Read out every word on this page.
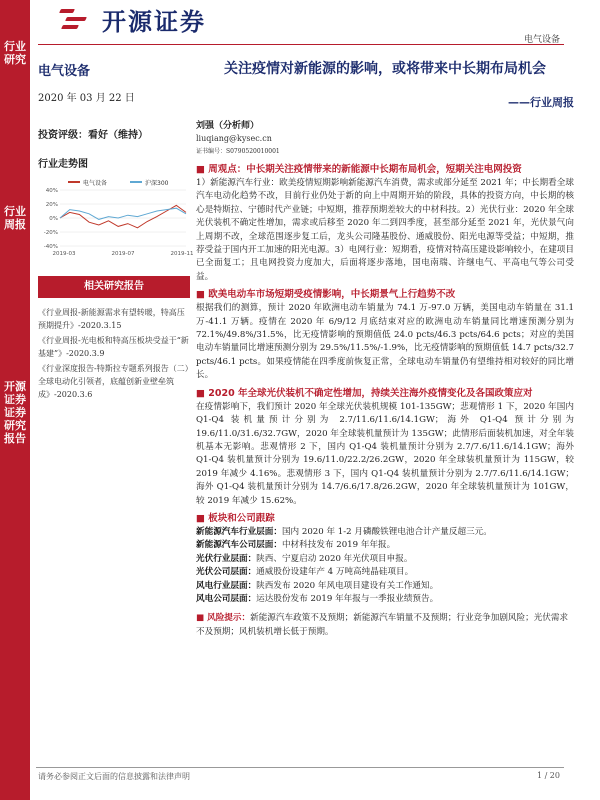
行业研究
行业周报
开源证券 证券研究报告
开源证券
电气设备
电气设备
2020 年 03 月 22 日
投资评级：看好（维持）
行业走势图
电气设备	沪深300
40%
20%
0%
-20%
-40%
2019-03	2019-07	2019-11
相关研究报告
《行业周报-新能源需求有望转暖，特高压预期提升》-2020.3.15
《行业周报-光电板和特高压板块受益于“新基建”》-2020.3.9
《行业深度报告-特斯拉专题系列报告（二）全球电动化引领者，底蕴创新业壁垒筑成》-2020.3.6
关注疫情对新能源的影响，或将带来中长期布局机会
——行业周报
刘强（分析师）
liuqiang@kysec.cn
证书编号：S0790520010001
■ 周观点：中长期关注疫情带来的新能源中长期布局机会，短期关注电网投资
1）新能源汽车行业：欧美疫情短期影响新能源汽车消费，需求或部分延至 2021 年；中长期看全球汽车电动化趋势不改，目前行业仍处于新的向上中周期开始的阶段，具体的投资方向，中长期的核心是特斯拉、宁德时代产业链；中短期，推荐预期差较大的中材科技。2）光伏行业：2020 年全球光伏装机不确定性增加，需求或后移至 2020 年二到四季度，甚至部分延至 2021 年，光伏景气向上周期不改，全球范围逐步复工后，龙头公司隆基股份、通威股份、阳光电源等受益；中短期，推荐受益于国内开工加速的阳光电源。3）电网行业：短期看，疫情对特高压建设影响较小，在建项目已全面复工；且电网投资力度加大，后面将逐步落地，国电南瑞、许继电气、平高电气等公司受益。
■ 欧美电动车市场短期受疫情影响，中长期景气上行趋势不改
根据我们的测算，预计 2020 年欧洲电动车销量为 74.1 万-97.0 万辆，美国电动车销量在 31.1 万-41.1 万辆。疫情在 2020 年 6/9/12 月底结束对应的欧洲电动车销量同比增速预测分别为 72.1%/49.8%/31.5%，比无疫情影响的预期值低 24.0 pcts/46.3 pcts/64.6 pcts；对应的美国电动车销量同比增速预测分别为 29.5%/11.5%/-1.9%，比无疫情影响的预期值低 14.7 pcts/32.7 pcts/46.1 pcts。如果疫情能在四季度前恢复正常，全球电动车销量仍有望维持相对较好的同比增长。
■ 2020 年全球光伏装机不确定性增加，持续关注海外疫情变化及各国政策应对
在疫情影响下，我们预计 2020 年全球光伏装机规模 101-135GW；悲观情形 1 下，2020 年国内 Q1-Q4 装机量预计分别为 2.7/11.6/11.6/14.1GW；海外 Q1-Q4 预计分别为 19.6/11.0/31.6/32.7GW，2020 年全球装机量预计为 135GW；此情形后面装机加速，对全年装机基本无影响。悲观情形 2 下，国内 Q1-Q4 装机量预计分别为 2.7/7.6/11.6/14.1GW；海外 Q1-Q4 装机量预计分别为 19.6/11.0/22.2/26.2GW，2020 年全球装机量预计为 115GW，较 2019 年减少 4.16%。悲观情形 3 下，国内 Q1-Q4 装机量预计分别为 2.7/7.6/11.6/14.1GW；海外 Q1-Q4 装机量预计分别为 14.7/6.6/17.8/26.2GW，2020 年全球装机量预计为 101GW，较 2019 年减少 15.62%。
■ 板块和公司跟踪
新能源汽车行业层面：国内 2020 年 1-2 月磷酸铁锂电池合计产量反超三元。
新能源汽车公司层面：中材科技发布 2019 年年报。
光伏行业层面：陕西、宁夏启动 2020 年光伏项目申报。
光伏公司层面：通威股份设建年产 4 万吨高纯晶硅项目。
风电行业层面：陕西发布 2020 年风电项目建设有关工作通知。
风电公司层面：运达股份发布 2019 年年报与一季报业绩预告。
■ 风险提示：新能源汽车政策不及预期；新能源汽车销量不及预期；行业竞争加剧风险；光伏需求不及预期；风机装机增长低于预期。
请务必参阅正文后面的信息披露和法律声明	1 / 20
